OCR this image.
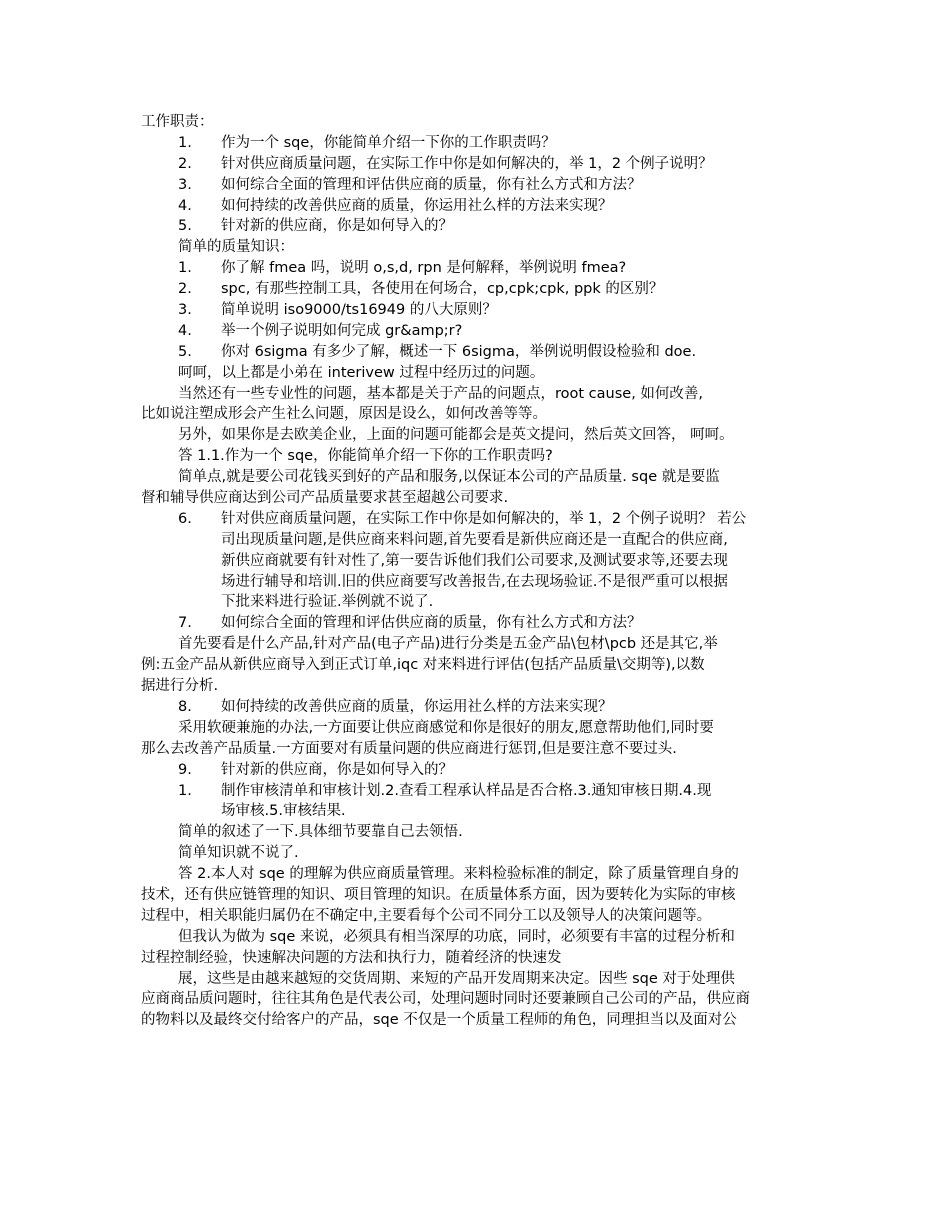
工作职责：
1. 作为一个 sqe，你能简单介绍一下你的工作职责吗？
2. 针对供应商质量问题，在实际工作中你是如何解决的，举 1，2 个例子说明？
3. 如何综合全面的管理和评估供应商的质量，你有社么方式和方法？
4. 如何持续的改善供应商的质量，你运用社么样的方法来实现？
5. 针对新的供应商，你是如何导入的？
简单的质量知识：
1. 你了解 fmea 吗，说明 o,s,d, rpn 是何解释，举例说明 fmea?
2. spc, 有那些控制工具，各使用在何场合，cp,cpk;cpk, ppk 的区别？
3. 简单说明 iso9000/ts16949 的八大原则？
4. 举一个例子说明如何完成 gr&amp;r?
5. 你对 6sigma 有多少了解，概述一下 6sigma，举例说明假设检验和 doe.
呵呵，以上都是小弟在 interivew 过程中经历过的问题。
当然还有一些专业性的问题，基本都是关于产品的问题点，root cause, 如何改善,
比如说注塑成形会产生社么问题，原因是设么，如何改善等等。
另外，如果你是去欧美企业，上面的问题可能都会是英文提问，然后英文回答， 呵呵。
答 1.1.作为一个 sqe，你能简单介绍一下你的工作职责吗?
简单点,就是要公司花钱买到好的产品和服务,以保证本公司的产品质量. sqe 就是要监
督和辅导供应商达到公司产品质量要求甚至超越公司要求.
6. 针对供应商质量问题，在实际工作中你是如何解决的，举 1，2 个例子说明？ 若公
司出现质量问题,是供应商来料问题,首先要看是新供应商还是一直配合的供应商,
新供应商就要有针对性了,第一要告诉他们我们公司要求,及测试要求等,还要去现
场进行辅导和培训.旧的供应商要写改善报告,在去现场验证.不是很严重可以根据
下批来料进行验证.举例就不说了.
7. 如何综合全面的管理和评估供应商的质量，你有社么方式和方法？
首先要看是什么产品,针对产品(电子产品)进行分类是五金产品\包材\pcb 还是其它,举
例:五金产品从新供应商导入到正式订单,iqc 对来料进行评估(包括产品质量\交期等),以数
据进行分析.
8. 如何持续的改善供应商的质量，你运用社么样的方法来实现？
采用软硬兼施的办法,一方面要让供应商感觉和你是很好的朋友,愿意帮助他们,同时要
那么去改善产品质量.一方面要对有质量问题的供应商进行惩罚,但是要注意不要过头.
9. 针对新的供应商，你是如何导入的？
1. 制作审核清单和审核计划.2.查看工程承认样品是否合格.3.通知审核日期.4.现
场审核.5.审核结果.
简单的叙述了一下.具体细节要靠自己去领悟.
简单知识就不说了.
答 2.本人对 sqe 的理解为供应商质量管理。来料检验标准的制定，除了质量管理自身的
技术，还有供应链管理的知识、项目管理的知识。在质量体系方面，因为要转化为实际的审核
过程中，相关职能归属仍在不确定中,主要看每个公司不同分工以及领导人的决策问题等。
但我认为做为 sqe 来说，必须具有相当深厚的功底，同时，必须要有丰富的过程分析和
过程控制经验，快速解决问题的方法和执行力，随着经济的快速发
展，这些是由越来越短的交货周期、来短的产品开发周期来决定。因些 sqe 对于处理供
应商商品质问题时，往往其角色是代表公司，处理问题时同时还要兼顾自己公司的产品，供应商
的物料以及最终交付给客户的产品，sqe 不仅是一个质量工程师的角色，同理担当以及面对公
